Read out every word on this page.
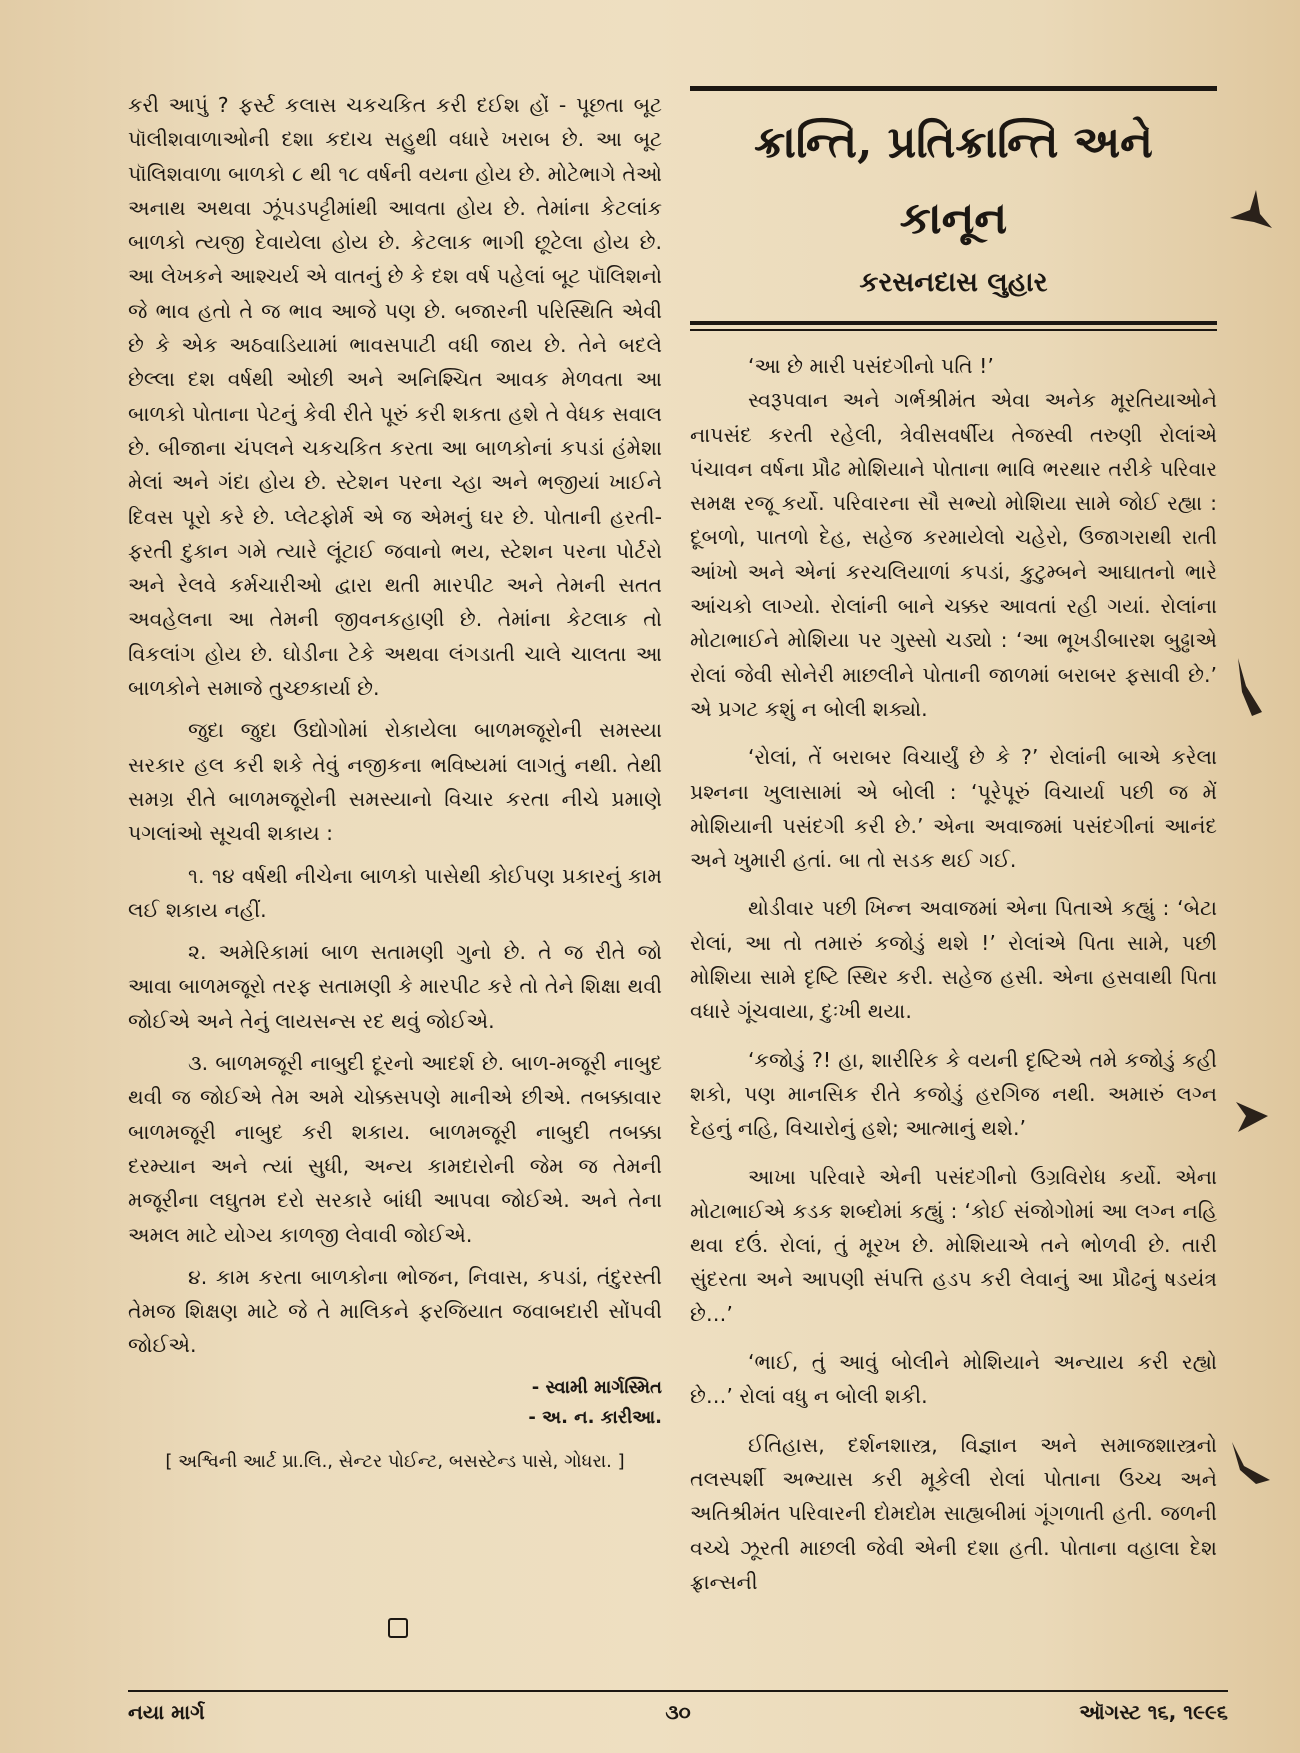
કરી આપું ? ફર્સ્ટ કલાસ ચકચકિત કરી દઈશ હોં - પૂછતા બૂટ પૉલીશવાળાઓની દશા કદાચ સહુથી વધારે ખરાબ છે. આ બૂટ પૉલિશવાળા બાળકો ૮ થી ૧૮ વર્ષની વયના હોય છે. મોટેભાગે તેઓ અનાથ અથવા ઝૂંપડપટ્ટીમાંથી આવતા હોય છે. તેમાંના કેટલાંક બાળકો ત્યજી દેવાયેલા હોય છે. કેટલાક ભાગી છૂટેલા હોય છે. આ લેખકને આશ્ચર્ય એ વાતનું છે કે દશ વર્ષ પહેલાં બૂટ પૉલિશનો જે ભાવ હતો તે જ ભાવ આજે પણ છે. બજારની પરિસ્થિતિ એવી છે કે એક અઠવાડિયામાં ભાવસપાટી વધી જાય છે. તેને બદલે છેલ્લા દશ વર્ષથી ઓછી અને અનિશ્ચિત આવક મેળવતા આ બાળકો પોતાના પેટનું કેવી રીતે પૂરું કરી શકતા હશે તે વેધક સવાલ છે. બીજાના ચંપલને ચકચકિત કરતા આ બાળકોનાં કપડાં હંમેશા મેલાં અને ગંદા હોય છે. સ્ટેશન પરના ચ્હા અને ભજીયાં ખાઈને દિવસ પૂરો કરે છે. પ્લેટફોર્મ એ જ એમનું ઘર છે. પોતાની હરતી-ફરતી દુકાન ગમે ત્યારે લૂંટાઈ જવાનો ભય, સ્ટેશન પરના પોર્ટરો અને રેલવે કર્મચારીઓ દ્વારા થતી મારપીટ અને તેમની સતત અવહેલના આ તેમની જીવનકહાણી છે. તેમાંના કેટલાક તો વિકલાંગ હોય છે. ઘોડીના ટેકે અથવા લંગડાતી ચાલે ચાલતા આ બાળકોને સમાજે તુચ્છકાર્યા છે.

જુદા જુદા ઉદ્યોગોમાં રોકાયેલા બાળમજૂરોની સમસ્યા સરકાર હલ કરી શકે તેવું નજીકના ભવિષ્યમાં લાગતું નથી. તેથી સમગ્ર રીતે બાળમજૂરોની સમસ્યાનો વિચાર કરતા નીચે પ્રમાણે પગલાંઓ સૂચવી શકાય :

૧. ૧૪ વર્ષથી નીચેના બાળકો પાસેથી કોઈપણ પ્રકારનું કામ લઈ શકાય નહીં.

૨. અમેરિકામાં બાળ સતામણી ગુનો છે. તે જ રીતે જો આવા બાળમજૂરો તરફ સતામણી કે મારપીટ કરે તો તેને શિક્ષા થવી જોઈએ અને તેનું લાયસન્સ રદ થવું જોઈએ.

૩. બાળમજૂરી નાબુદી દૂરનો આદર્શ છે. બાળ-મજૂરી નાબુદ થવી જ જોઈએ તેમ અમે ચોક્કસપણે માનીએ છીએ. તબક્કાવાર બાળમજૂરી નાબુદ કરી શકાય. બાળમજૂરી નાબુદી તબક્કા દરમ્યાન અને ત્યાં સુધી, અન્ય કામદારોની જેમ જ તેમની મજૂરીના લઘુતમ દરો સરકારે બાંધી આપવા જોઈએ. અને તેના અમલ માટે યોગ્ય કાળજી લેવાવી જોઈએ.

૪. કામ કરતા બાળકોના ભોજન, નિવાસ, કપડાં, તંદુરસ્તી તેમજ શિક્ષણ માટે જે તે માલિકને ફરજિયાત જવાબદારી સોંપવી જોઈએ.

- સ્વામી માર્ગસ્મિત
- અ. ન. કારીઆ.
[ અશ્વિની આર્ટ પ્રા.લિ., સેન્ટર પોઈન્ટ, બસસ્ટેન્ડ પાસે, ગોધરા. ]
ક્રાન્તિ, પ્રતિક્રાન્તિ અને
કાનૂન
કરસનદાસ લુહાર

‘આ છે મારી પસંદગીનો પતિ !’

સ્વરૂપવાન અને ગર્ભશ્રીમંત એવા અનેક મૂરતિયાઓને નાપસંદ કરતી રહેલી, ત્રેવીસવર્ષીય તેજસ્વી તરુણી રોલાંએ પંચાવન વર્ષના પ્રૌઢ મોશિયાને પોતાના ભાવિ ભરથાર તરીકે પરિવાર સમક્ષ રજૂ કર્યો. પરિવારના સૌ સભ્યો મોશિયા સામે જોઈ રહ્યા : દૂબળો, પાતળો દેહ, સહેજ કરમાયેલો ચહેરો, ઉજાગરાથી રાતી આંખો અને એનાં કરચલિયાળાં કપડાં, કુટુમ્બને આઘાતનો ભારે આંચકો લાગ્યો. રોલાંની બાને ચક્કર આવતાં રહી ગયાં. રોલાંના મોટાભાઈને મોશિયા પર ગુસ્સો ચડ્યો : ‘આ ભૂખડીબારશ બુઢ્ઢાએ રોલાં જેવી સોનેરી માછલીને પોતાની જાળમાં બરાબર ફસાવી છે.’ એ પ્રગટ કશું ન બોલી શક્યો.

‘રોલાં, તેં બરાબર વિચાર્યું છે કે ?’ રોલાંની બાએ કરેલા પ્રશ્નના ખુલાસામાં એ બોલી : ‘પૂરેપૂરું વિચાર્યા પછી જ મેં મોશિયાની પસંદગી કરી છે.’ એના અવાજમાં પસંદગીનાં આનંદ અને ખુમારી હતાં. બા તો સડક થઈ ગઈ.

થોડીવાર પછી ખિન્ન અવાજમાં એના પિતાએ કહ્યું : ‘બેટા રોલાં, આ તો તમારું કજોડું થશે !’ રોલાંએ પિતા સામે, પછી મોશિયા સામે દૃષ્ટિ સ્થિર કરી. સહેજ હસી. એના હસવાથી પિતા વધારે ગૂંચવાયા, દુઃખી થયા.

‘કજોડું ?! હા, શારીરિક કે વયની દૃષ્ટિએ તમે કજોડું કહી શકો, પણ માનસિક રીતે કજોડું હરગિજ નથી. અમારું લગ્ન દેહનું નહિ, વિચારોનું હશે; આત્માનું થશે.’

આખા પરિવારે એની પસંદગીનો ઉગ્રવિરોધ કર્યો. એના મોટાભાઈએ કડક શબ્દોમાં કહ્યું : ‘કોઈ સંજોગોમાં આ લગ્ન નહિ થવા દઉં. રોલાં, તું મૂરખ છે. મોશિયાએ તને ભોળવી છે. તારી સુંદરતા અને આપણી સંપત્તિ હડપ કરી લેવાનું આ પ્રૌઢનું ષડયંત્ર છે…’

‘ભાઈ, તું આવું બોલીને મોશિયાને અન્યાય કરી રહ્યો છે…’ રોલાં વધુ ન બોલી શકી.

ઈતિહાસ, દર્શનશાસ્ત્ર, વિજ્ઞાન અને સમાજશાસ્ત્રનો તલસ્પર્શી અભ્યાસ કરી મૂકેલી રોલાં પોતાના ઉચ્ચ અને અતિશ્રીમંત પરિવારની દોમદોમ સાહ્યબીમાં ગૂંગળાતી હતી. જળની વચ્ચે ઝૂરતી માછલી જેવી એની દશા હતી. પોતાના વહાલા દેશ ફ્રાન્સની

નયા માર્ગ	૩૦	ઑગસ્ટ ૧૬, ૧૯૯૬
